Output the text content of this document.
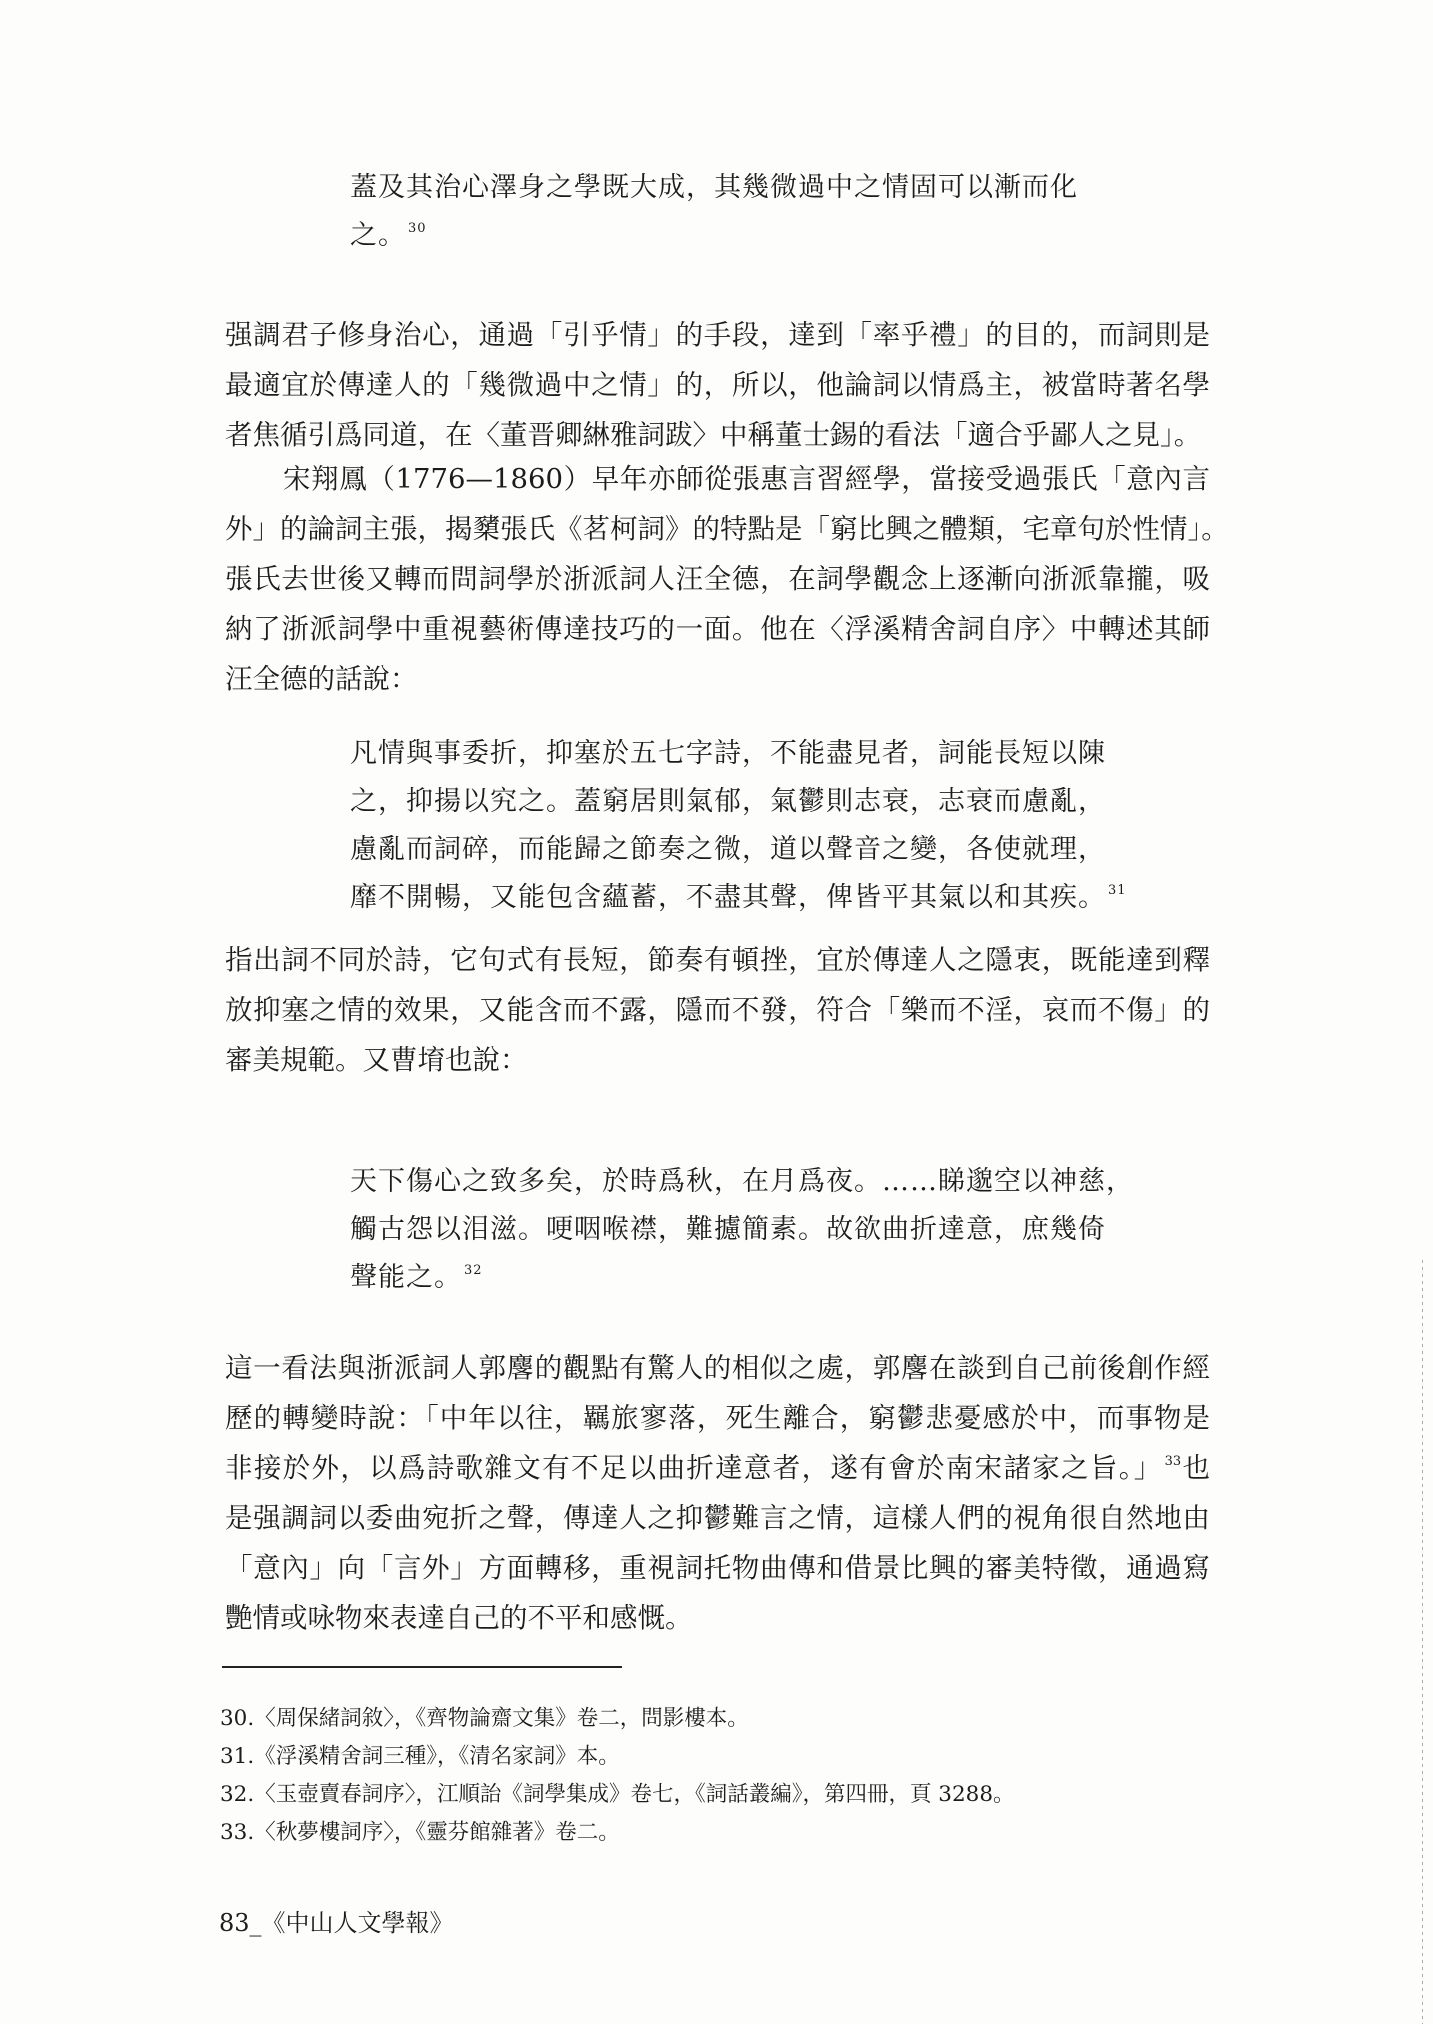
蓋及其治心澤身之學既大成，其幾微過中之情固可以漸而化
之。 $^{30}$
强調君子修身治心，通過「引乎情」的手段，達到「率乎禮」的目的，而詞則是
最適宜於傳達人的「幾微過中之情」的，所以，他論詞以情爲主，被當時著名學
者焦循引爲同道，在〈董晋卿綝雅詞跋〉中稱董士錫的看法「適合乎鄙人之見」。
宋翔鳳（1776—1860）早年亦師從張惠言習經學，當接受過張氏「意內言
外」的論詞主張，揭櫫張氏《茗柯詞》的特點是「窮比興之體類，宅章句於性情」。
張氏去世後又轉而問詞學於浙派詞人汪全德，在詞學觀念上逐漸向浙派靠攏，吸
納了浙派詞學中重視藝術傳達技巧的一面。他在〈浮溪精舍詞自序〉中轉述其師
汪全德的話說：
凡情與事委折，抑塞於五七字詩，不能盡見者，詞能長短以陳
之，抑揚以究之。蓋窮居則氣郁，氣鬱則志衰，志衰而慮亂，
慮亂而詞碎，而能歸之節奏之微，道以聲音之變，各使就理，
靡不開暢，又能包含蘊蓄，不盡其聲，俾皆平其氣以和其疾。 $^{31}$
指出詞不同於詩，它句式有長短，節奏有頓挫，宜於傳達人之隱衷，既能達到釋
放抑塞之情的效果，又能含而不露，隱而不發，符合「樂而不淫，哀而不傷」的
審美規範。又曹堉也說：
天下傷心之致多矣，於時爲秋，在月爲夜。……睇邈空以神慈，
觸古怨以泪滋。哽咽喉襟，難攄簡素。故欲曲折達意，庶幾倚
聲能之。 $^{32}$
這一看法與浙派詞人郭麐的觀點有驚人的相似之處，郭麐在談到自己前後創作經
歷的轉變時說：「中年以往，羈旅寥落，死生離合，窮鬱悲憂感於中，而事物是
非接於外，以爲詩歌雜文有不足以曲折達意者，遂有會於南宋諸家之旨。」 $^{33}$也
是强調詞以委曲宛折之聲，傳達人之抑鬱難言之情，這樣人們的視角很自然地由
「意內」向「言外」方面轉移，重視詞托物曲傳和借景比興的審美特徵，通過寫
艷情或咏物來表達自己的不平和感慨。
30.〈周保緒詞敘〉，《齊物論齋文集》卷二，問影樓本。
31.《浮溪精舍詞三種》，《清名家詞》本。
32.〈玉壺賣春詞序〉，江順詒《詞學集成》卷七，《詞話叢編》，第四冊，頁 3288。
33.〈秋夢樓詞序〉，《靈芬館雜著》卷二。
83_《中山人文學報》
